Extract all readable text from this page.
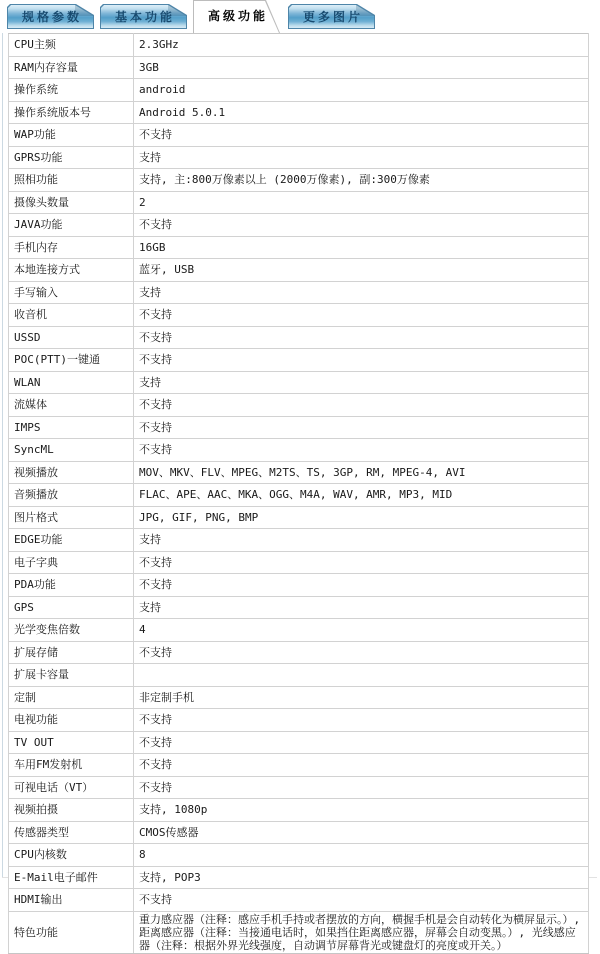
规格参数	基本功能	高级功能	更多图片
CPU主频	2.3GHz
RAM内存容量	3GB
操作系统	android
操作系统版本号	Android 5.0.1
WAP功能	不支持
GPRS功能	支持
照相功能	支持, 主:800万像素以上 (2000万像素), 副:300万像素
摄像头数量	2
JAVA功能	不支持
手机内存	16GB
本地连接方式	蓝牙, USB
手写输入	支持
收音机	不支持
USSD	不支持
POC(PTT)一键通	不支持
WLAN	支持
流媒体	不支持
IMPS	不支持
SyncML	不支持
视频播放	MOV、MKV、FLV、MPEG、M2TS、TS, 3GP, RM, MPEG-4, AVI
音频播放	FLAC、APE、AAC、MKA、OGG、M4A, WAV, AMR, MP3, MID
图片格式	JPG, GIF, PNG, BMP
EDGE功能	支持
电子字典	不支持
PDA功能	不支持
GPS	支持
光学变焦倍数	4
扩展存储	不支持
扩展卡容量	
定制	非定制手机
电视功能	不支持
TV OUT	不支持
车用FM发射机	不支持
可视电话（VT）	不支持
视频拍摄	支持, 1080p
传感器类型	CMOS传感器
CPU内核数	8
E-Mail电子邮件	支持, POP3
HDMI输出	不支持
特色功能	重力感应器（注释：感应手机手持或者摆放的方向，横握手机是会自动转化为横屏显示。）, 距离感应器（注释：当接通电话时，如果挡住距离感应器，屏幕会自动变黑。）, 光线感应器（注释：根据外界光线强度，自动调节屏幕背光或键盘灯的亮度或开关。）
